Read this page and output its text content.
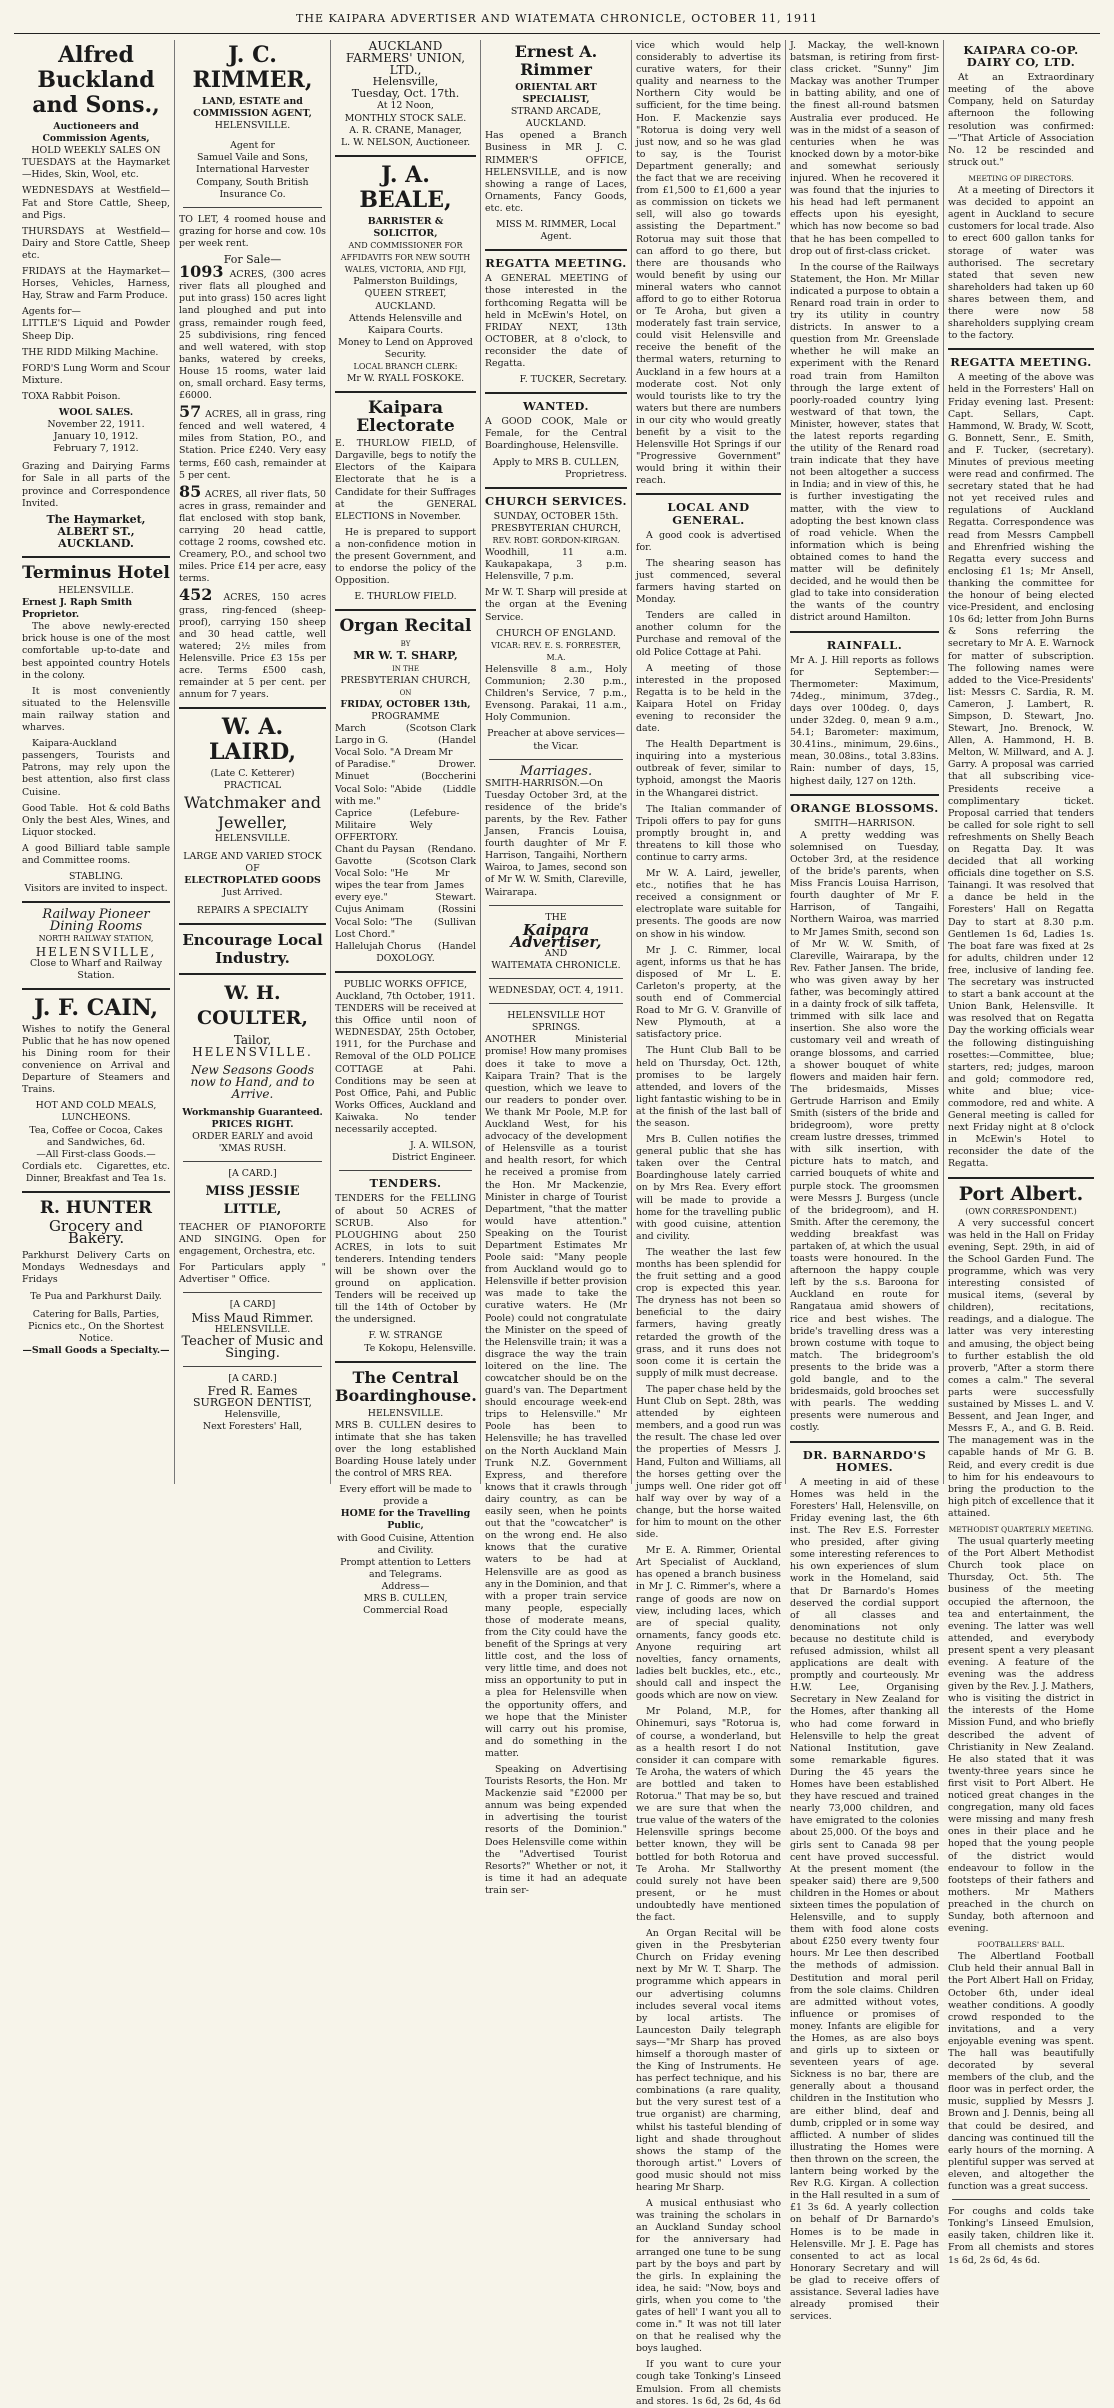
THE KAIPARA ADVERTISER AND WIATEMATA CHRONICLE, OCTOBER 11, 1911
Alfred Buckland and Sons.,
Auctioneers and Commission Agents,
HOLD WEEKLY SALES ON

TUESDAYS at the Haymarket—Hides, Skin, Wool, etc.

WEDNESDAYS at Westfield—Fat and Store Cattle, Sheep, and Pigs.

THURSDAYS at Westfield—Dairy and Store Cattle, Sheep etc.

FRIDAYS at the Haymarket—Horses, Vehicles, Harness, Hay, Straw and Farm Produce.

Agents for—

LITTLE'S Liquid and Powder Sheep Dip.

THE RIDD Milking Machine.

FORD'S Lung Worm and Scour Mixture.

TOXA Rabbit Poison.

WOOL SALES.
November 22, 1911.
January 10, 1912.
February 7, 1912.

Grazing and Dairying Farms for Sale in all parts of the province and Correspondence Invited.

The Haymarket,
ALBERT ST., AUCKLAND.
Terminus Hotel
HELENSVILLE.
Ernest J. Raph Smith Proprietor.

The above newly-erected brick house is one of the most comfortable up-to-date and best appointed country Hotels in the colony.

It is most conveniently situated to the Helensville main railway station and wharves.

Kaipara-Auckland passengers, Tourists and Patrons, may rely upon the best attention, also first class Cuisine.

Good Table. Hot & cold Baths

Only the best Ales, Wines, and Liquor stocked.

A good Billiard table sample and Committee rooms.

STABLING.
Visitors are invited to inspect.
Railway Pioneer Dining Rooms
NORTH RAILWAY STATION,
HELENSVILLE,
Close to Wharf and Railway Station.
J. F. CAIN,

Wishes to notify the General Public that he has now opened his Dining room for their convenience on Arrival and Departure of Steamers and Trains.

HOT AND COLD MEALS, LUNCHEONS.
Tea, Coffee or Cocoa, Cakes and Sandwiches, 6d.
—All First-class Goods.—
Cordials etc. Cigarettes, etc.
Dinner, Breakfast and Tea 1s.
R. HUNTER
Grocery and Bakery.

Parkhurst Delivery Carts on Mondays Wednesdays and Fridays

Te Pua and Parkhurst Daily.
Catering for Balls, Parties, Picnics etc., On the Shortest Notice.
—Small Goods a Specialty.—
J. C. RIMMER,
LAND, ESTATE and COMMISSION AGENT,
HELENSVILLE.
Agent for
Samuel Vaile and Sons, International Harvester Company, South British Insurance Co.

TO LET, 4 roomed house and grazing for horse and cow. 10s per week rent.

For Sale—

1093 ACRES, (300 acres river flats all ploughed and put into grass) 150 acres light land ploughed and put into grass, remainder rough feed, 25 subdivisions, ring fenced and well watered, with stop banks, watered by creeks, House 15 rooms, water laid on, small orchard. Easy terms, £6000.

57 ACRES, all in grass, ring fenced and well watered, 4 miles from Station, P.O., and Station. Price £240. Very easy terms, £60 cash, remainder at 5 per cent.

85 ACRES, all river flats, 50 acres in grass, remainder and flat enclosed with stop bank, carrying 20 head cattle, cottage 2 rooms, cowshed etc. Creamery, P.O., and school two miles. Price £14 per acre, easy terms.

452 ACRES, 150 acres grass, ring-fenced (sheep-proof), carrying 150 sheep and 30 head cattle, well watered; 2½ miles from Helensville. Price £3 15s per acre. Terms £500 cash, remainder at 5 per cent. per annum for 7 years.

W. A. LAIRD,
(Late C. Ketterer)
PRACTICAL
Watchmaker and Jeweller,
HELENSVILLE.
LARGE AND VARIED STOCK OF
ELECTROPLATED GOODS
Just Arrived.
REPAIRS A SPECIALTY
Encourage Local Industry.
W. H. COULTER,
Tailor,
HELENSVILLE.
New Seasons Goods now to Hand, and to Arrive.
Workmanship Guaranteed. PRICES RIGHT.
ORDER EARLY and avoid 'XMAS RUSH.
[A CARD.]
MISS JESSIE LITTLE,

TEACHER OF PIANOFORTE AND SINGING. Open for engagement, Orchestra, etc.

For Particulars apply " Advertiser " Office.

[A CARD]
Miss Maud Rimmer.
HELENSVILLE.
Teacher of Music and Singing.
[A CARD.]
Fred R. Eames
SURGEON DENTIST,
Helensville,
Next Foresters' Hall,
AUCKLAND
FARMERS' UNION, LTD.,
Helensville,
Tuesday, Oct. 17th.
At 12 Noon,
MONTHLY STOCK SALE.
A. R. CRANE, Manager,
L. W. NELSON, Auctioneer.
J. A. BEALE,
BARRISTER & SOLICITOR,
AND COMMISSIONER FOR AFFIDAVITS FOR NEW SOUTH WALES, VICTORIA, AND FIJI,
Palmerston Buildings,
QUEEN STREET, AUCKLAND.
Attends Helensville and Kaipara Courts.
Money to Lend on Approved Security.
LOCAL BRANCH CLERK:
Mr W. RYALL FOSKOKE.
Kaipara Electorate

E. THURLOW FIELD, of Dargaville, begs to notify the Electors of the Kaipara Electorate that he is a Candidate for their Suffrages at the GENERAL ELECTIONS in November.

He is prepared to support a non-confidence motion in the present Government, and to endorse the policy of the Opposition.

E. THURLOW FIELD.
Organ Recital
BY
MR W. T. SHARP,
IN THE
PRESBYTERIAN CHURCH,
ON
FRIDAY, OCTOBER 13th,
PROGRAMME
March	(Scotson Clark
Largo in G.	(Handel
Vocal Solo. "A Dream of Paradise."
Mr Drower.
Minuet	(Boccherini
Vocal Solo: "Abide with me."
(Liddle
Caprice Militaire
(Lefebure-Wely
OFFERTORY.
Chant du Paysan (Rendano.
Gavotte	(Scotson Clark
Vocal Solo: "He wipes the tear from every eye."
Mr James Stewart.
Cujus Animam	(Rossini
Vocal Solo: "The Lost Chord."
(Sullivan
Hallelujah Chorus (Handel
DOXOLOGY.
PUBLIC WORKS OFFICE,
Auckland, 7th October, 1911.

TENDERS will be received at this Office until noon of WEDNESDAY, 25th October, 1911, for the Purchase and Removal of the OLD POLICE COTTAGE at Pahi. Conditions may be seen at Post Office, Pahi, and Public Works Offices, Auckland and Kaiwaka. No tender necessarily accepted.

J. A. WILSON,
District Engineer.
TENDERS.

TENDERS for the FELLING of about 50 ACRES of SCRUB. Also for PLOUGHING about 250 ACRES, in lots to suit tenderers. Intending tenders will be shown over the ground on application. Tenders will be received up till the 14th of October by the undersigned.

F. W. STRANGE
Te Kokopu, Helensville.
The Central Boardinghouse.
HELENSVILLE.

MRS B. CULLEN desires to intimate that she has taken over the long established Boarding House lately under the control of MRS REA.

Every effort will be made to provide a
HOME for the Travelling Public,
with Good Cuisine, Attention and Civility.
Prompt attention to Letters and Telegrams.
Address—
MRS B. CULLEN, Commercial Road
Ernest A. Rimmer
ORIENTAL ART SPECIALIST,
STRAND ARCADE, AUCKLAND.

Has opened a Branch Business in MR J. C. RIMMER'S OFFICE, HELENSVILLE, and is now showing a range of Laces, Ornaments, Fancy Goods, etc. etc.

MISS M. RIMMER, Local Agent.
REGATTA MEETING.

A GENERAL MEETING of those interested in the forthcoming Regatta will be held in McEwin's Hotel, on FRIDAY NEXT, 13th OCTOBER, at 8 o'clock, to reconsider the date of Regatta.

F. TUCKER, Secretary.
WANTED.

A GOOD COOK, Male or Female, for the Central Boardinghouse, Helensville.

Apply to MRS B. CULLEN,
Proprietress.
CHURCH SERVICES.
SUNDAY, OCTOBER 15th.
PRESBYTERIAN CHURCH,
REV. ROBT. GORDON-KIRGAN.

Woodhill, 11 a.m. Kaukapakapa, 3 p.m. Helensville, 7 p.m.

Mr W. T. Sharp will preside at the organ at the Evening Service.

CHURCH OF ENGLAND.
VICAR: REV. E. S. FORRESTER, M.A.

Helensville 8 a.m., Holy Communion; 2.30 p.m., Children's Service, 7 p.m., Evensong. Parakai, 11 a.m., Holy Communion.

Preacher at above services—the Vicar.
Marriages.

SMITH-HARRISON.—On Tuesday October 3rd, at the residence of the bride's parents, by the Rev. Father Jansen, Francis Louisa, fourth daughter of Mr F. Harrison, Tangaihi, Northern Wairoa, to James, second son of Mr W. W. Smith, Clareville, Wairarapa.

THE
Kaipara Advertiser,
AND
WAITEMATA CHRONICLE.
WEDNESDAY, OCT. 4, 1911.
HELENSVILLE HOT SPRINGS.

ANOTHER Ministerial promise! How many promises does it take to move a Kaipara Train? That is the question, which we leave to our readers to ponder over. We thank Mr Poole, M.P. for Auckland West, for his advocacy of the development of Helensville as a tourist and health resort, for which he received a promise from the Hon. Mr Mackenzie, Minister in charge of Tourist Department, "that the matter would have attention." Speaking on the Tourist Department Estimates Mr Poole said: "Many people from Auckland would go to Helensville if better provision was made to take the curative waters. He (Mr Poole) could not congratulate the Minister on the speed of the Helensville train; it was a disgrace the way the train loitered on the line. The cowcatcher should be on the guard's van. The Department should encourage week-end trips to Helensville." Mr Poole has been to Helensville; he has travelled on the North Auckland Main Trunk N.Z. Government Express, and therefore knows that it crawls through dairy country, as can be easily seen, when he points out that the "cowcatcher" is on the wrong end. He also knows that the curative waters to be had at Helensville are as good as any in the Dominion, and that with a proper train service many people, especially those of moderate means, from the City could have the benefit of the Springs at very little cost, and the loss of very little time, and does not miss an opportunity to put in a plea for Helensville when the opportunity offers, and we hope that the Minister will carry out his promise, and do something in the matter.

Speaking on Advertising Tourists Resorts, the Hon. Mr Mackenzie said "£2000 per annum was being expended in advertising the tourist resorts of the Dominion." Does Helensville come within the "Advertised Tourist Resorts?" Whether or not, it is time it had an adequate train ser-

vice which would help considerably to advertise its curative waters, for their quality and nearness to the Northern City would be sufficient, for the time being. Hon. F. Mackenzie says "Rotorua is doing very well just now, and so he was glad to say, is the Tourist Department generally; and the fact that we are receiving from £1,500 to £1,600 a year as commission on tickets we sell, will also go towards assisting the Department." Rotorua may suit those that can afford to go there, but there are thousands who would benefit by using our mineral waters who cannot afford to go to either Rotorua or Te Aroha, but given a moderately fast train service, could visit Helensville and receive the benefit of the thermal waters, returning to Auckland in a few hours at a moderate cost. Not only would tourists like to try the waters but there are numbers in our city who would greatly benefit by a visit to the Helensville Hot Springs if our "Progressive Government" would bring it within their reach.

LOCAL AND GENERAL.

A good cook is advertised for.

The shearing season has just commenced, several farmers having started on Monday.

Tenders are called in another column for the Purchase and removal of the old Police Cottage at Pahi.

A meeting of those interested in the proposed Regatta is to be held in the Kaipara Hotel on Friday evening to reconsider the date.

The Health Department is inquiring into a mysterious outbreak of fever, similar to typhoid, amongst the Maoris in the Whangarei district.

The Italian commander of Tripoli offers to pay for guns promptly brought in, and threatens to kill those who continue to carry arms.

Mr W. A. Laird, jeweller, etc., notifies that he has received a consignment or electroplate ware suitable for presents. The goods are now on show in his window.

Mr J. C. Rimmer, local agent, informs us that he has disposed of Mr L. E. Carleton's property, at the south end of Commercial Road to Mr G. V. Granville of New Plymouth, at a satisfactory price.

The Hunt Club Ball to be held on Thursday, Oct. 12th, promises to be largely attended, and lovers of the light fantastic wishing to be in at the finish of the last ball of the season.

Mrs B. Cullen notifies the general public that she has taken over the Central Boardinghouse lately carried on by Mrs Rea. Every effort will be made to provide a home for the travelling public with good cuisine, attention and civility.

The weather the last few months has been splendid for the fruit setting and a good crop is expected this year. The dryness has not been so beneficial to the dairy farmers, having greatly retarded the growth of the grass, and it runs does not soon come it is certain the supply of milk must decrease.

The paper chase held by the Hunt Club on Sept. 28th, was attended by eighteen members, and a good run was the result. The chase led over the properties of Messrs J. Hand, Fulton and Williams, all the horses getting over the jumps well. One rider got off half way over by way of a change, but the horse waited for him to mount on the other side.

Mr E. A. Rimmer, Oriental Art Specialist of Auckland, has opened a branch business in Mr J. C. Rimmer's, where a range of goods are now on view, including laces, which are of special quality, ornaments, fancy goods etc. Anyone requiring art novelties, fancy ornaments, ladies belt buckles, etc., etc., should call and inspect the goods which are now on view.

Mr Poland, M.P., for Ohinemuri, says "Rotorua is, of course, a wonderland, but as a health resort I do not consider it can compare with Te Aroha, the waters of which are bottled and taken to Rotorua." That may be so, but we are sure that when the true value of the waters of the Helensville springs become better known, they will be bottled for both Rotorua and Te Aroha. Mr Stallworthy could surely not have been present, or he must undoubtedly have mentioned the fact.

An Organ Recital will be given in the Presbyterian Church on Friday evening next by Mr W. T. Sharp. The programme which appears in our advertising columns includes several vocal items by local artists. The Launceston Daily telegraph says—"Mr Sharp has proved himself a thorough master of the King of Instruments. He has perfect technique, and his combinations (a rare quality, but the very surest test of a true organist) are charming, whilst his tasteful blending of light and shade throughout shows the stamp of the thorough artist." Lovers of good music should not miss hearing Mr Sharp.

A musical enthusiast who was training the scholars in an Auckland Sunday school for the anniversary had arranged one tune to be sung part by the boys and part by the girls. In explaining the idea, he said: "Now, boys and girls, when you come to 'the gates of hell' I want you all to come in." It was not till later on that he realised why the boys laughed.

If you want to cure your cough take Tonking's Linseed Emulsion. From all chemists and stores. 1s 6d, 2s 6d, 4s 6d

J. Mackay, the well-known batsman, is retiring from first-class cricket. "Sunny" Jim Mackay was another Trumper in batting ability, and one of the finest all-round batsmen Australia ever produced. He was in the midst of a season of centuries when he was knocked down by a motor-bike and somewhat seriously injured. When he recovered it was found that the injuries to his head had left permanent effects upon his eyesight, which has now become so bad that he has been compelled to drop out of first-class cricket.

In the course of the Railways Statement, the Hon. Mr Millar indicated a purpose to obtain a Renard road train in order to try its utility in country districts. In answer to a question from Mr. Greenslade whether he will make an experiment with the Renard road train from Hamilton through the large extent of poorly-roaded country lying westward of that town, the Minister, however, states that the latest reports regarding the utility of the Renard road train indicate that they have not been altogether a success in India; and in view of this, he is further investigating the matter, with the view to adopting the best known class of road vehicle. When the information which is being obtained comes to hand the matter will be definitely decided, and he would then be glad to take into consideration the wants of the country district around Hamilton.

RAINFALL.

Mr A. J. Hill reports as follows for September:—Thermometer: Maximum, 74deg., minimum, 37deg., days over 100deg. 0, days under 32deg. 0, mean 9 a.m., 54.1; Barometer: maximum, 30.41ins., minimum, 29.6ins., mean, 30.08ins., total 3.83ins. Rain: number of days, 15, highest daily, 127 on 12th.

ORANGE BLOSSOMS.
SMITH—HARRISON.

A pretty wedding was solemnised on Tuesday, October 3rd, at the residence of the bride's parents, when Miss Francis Louisa Harrison, fourth daughter of Mr F. Harrison, of Tangaihi, Northern Wairoa, was married to Mr James Smith, second son of Mr W. W. Smith, of Clareville, Wairarapa, by the Rev. Father Jansen. The bride, who was given away by her father, was becomingly attired in a dainty frock of silk taffeta, trimmed with silk lace and insertion. She also wore the customary veil and wreath of orange blossoms, and carried a shower bouquet of white flowers and maiden hair fern. The bridesmaids, Misses Gertrude Harrison and Emily Smith (sisters of the bride and bridegroom), wore pretty cream lustre dresses, trimmed with silk insertion, with picture hats to match, and carried bouquets of white and purple stock. The groomsmen were Messrs J. Burgess (uncle of the bridegroom), and H. Smith. After the ceremony, the wedding breakfast was partaken of, at which the usual toasts were honoured. In the afternoon the happy couple left by the s.s. Baroona for Auckland en route for Rangataua amid showers of rice and best wishes. The bride's travelling dress was a brown costume with toque to match. The bridegroom's presents to the bride was a gold bangle, and to the bridesmaids, gold brooches set with pearls. The wedding presents were numerous and costly.

DR. BARNARDO'S HOMES.

A meeting in aid of these Homes was held in the Foresters' Hall, Helensville, on Friday evening last, the 6th inst. The Rev E.S. Forrester who presided, after giving some interesting references to his own experiences of slum work in the Homeland, said that Dr Barnardo's Homes deserved the cordial support of all classes and denominations not only because no destitute child is refused admission, whilst all applications are dealt with promptly and courteously. Mr H.W. Lee, Organising Secretary in New Zealand for the Homes, after thanking all who had come forward in Helensville to help the great National Institution, gave some remarkable figures. During the 45 years the Homes have been established they have rescued and trained nearly 73,000 children, and have emigrated to the colonies about 25,000. Of the boys and girls sent to Canada 98 per cent have proved successful. At the present moment (the speaker said) there are 9,500 children in the Homes or about sixteen times the population of Helensville, and to supply them with food alone costs about £250 every twenty four hours. Mr Lee then described the methods of admission. Destitution and moral peril from the sole claims. Children are admitted without votes, influence or promises of money. Infants are eligible for the Homes, as are also boys and girls up to sixteen or seventeen years of age. Sickness is no bar, there are generally about a thousand children in the Institution who are either blind, deaf and dumb, crippled or in some way afflicted. A number of slides illustrating the Homes were then thrown on the screen, the lantern being worked by the Rev R.G. Kirgan. A collection in the Hall resulted in a sum of £1 3s 6d. A yearly collection on behalf of Dr Barnardo's Homes is to be made in Helensville. Mr J. E. Page has consented to act as local Honorary Secretary and will be glad to receive offers of assistance. Several ladies have already promised their services.

KAIPARA CO-OP. DAIRY CO, LTD.

At an Extraordinary meeting of the above Company, held on Saturday afternoon the following resolution was confirmed:—"That Article of Association No. 12 be rescinded and struck out."

MEETING OF DIRECTORS.

At a meeting of Directors it was decided to appoint an agent in Auckland to secure customers for local trade. Also to erect 600 gallon tanks for storage of water was authorised. The secretary stated that seven new shareholders had taken up 60 shares between them, and there were now 58 shareholders supplying cream to the factory.

REGATTA MEETING.

A meeting of the above was held in the Forresters' Hall on Friday evening last. Present: Capt. Sellars, Capt. Hammond, W. Brady, W. Scott, G. Bonnett, Senr., E. Smith, and F. Tucker, (secretary). Minutes of previous meeting were read and confirmed. The secretary stated that he had not yet received rules and regulations of Auckland Regatta. Correspondence was read from Messrs Campbell and Ehrenfried wishing the Regatta every success and enclosing £1 1s; Mr Ansell, thanking the committee for the honour of being elected vice-President, and enclosing 10s 6d; letter from John Burns & Sons referring the secretary to Mr A. E. Warnock for matter of subscription. The following names were added to the Vice-Presidents' list: Messrs C. Sardia, R. M. Cameron, J. Lambert, R. Simpson, D. Stewart, Jno. Stewart, Jno. Brenock, W. Allen, A. Hammond, H. B. Melton, W. Millward, and A. J. Garry. A proposal was carried that all subscribing vice-Presidents receive a complimentary ticket. Proposal carried that tenders be called for sole right to sell refreshments on Shelly Beach on Regatta Day. It was decided that all working officials dine together on S.S. Tainangi. It was resolved that a dance be held in the Foresters' Hall on Regatta Day to start at 8.30 p.m. Gentlemen 1s 6d, Ladies 1s. The boat fare was fixed at 2s for adults, children under 12 free, inclusive of landing fee. The secretary was instructed to start a bank account at the Union Bank, Helensville. It was resolved that on Regatta Day the working officials wear the following distinguishing rosettes:—Committee, blue; starters, red; judges, maroon and gold; commodore red, white and blue; vice-commodore, red and white. A General meeting is called for next Friday night at 8 o'clock in McEwin's Hotel to reconsider the date of the Regatta.

Port Albert.
(OWN CORRESPONDENT.)

A very successful concert was held in the Hall on Friday evening, Sept. 29th, in aid of the School Garden Fund. The programme, which was very interesting consisted of musical items, (several by children), recitations, readings, and a dialogue. The latter was very interesting and amusing, the object being to further establish the old proverb, "After a storm there comes a calm." The several parts were successfully sustained by Misses L. and V. Bessent, and Jean Inger, and Messrs F., A., and G. B. Reid. The management was in the capable hands of Mr G. B. Reid, and every credit is due to him for his endeavours to bring the production to the high pitch of excellence that it attained.

METHODIST QUARTERLY MEETING.

The usual quarterly meeting of the Port Albert Methodist Church took place on Thursday, Oct. 5th. The business of the meeting occupied the afternoon, the tea and entertainment, the evening. The latter was well attended, and everybody present spent a very pleasant evening. A feature of the evening was the address given by the Rev. J. J. Mathers, who is visiting the district in the interests of the Home Mission Fund, and who briefly described the advent of Christianity in New Zealand. He also stated that it was twenty-three years since he first visit to Port Albert. He noticed great changes in the congregation, many old faces were missing and many fresh ones in their place and he hoped that the young people of the district would endeavour to follow in the footsteps of their fathers and mothers. Mr Mathers preached in the church on Sunday, both afternoon and evening.

FOOTBALLERS' BALL.

The Albertland Football Club held their annual Ball in the Port Albert Hall on Friday, October 6th, under ideal weather conditions. A goodly crowd responded to the invitations, and a very enjoyable evening was spent. The hall was beautifully decorated by several members of the club, and the floor was in perfect order, the music, supplied by Messrs J. Brown and J. Dennis, being all that could be desired, and dancing was continued till the early hours of the morning. A plentiful supper was served at eleven, and altogether the function was a great success.

For coughs and colds take Tonking's Linseed Emulsion, easily taken, children like it. From all chemists and stores 1s 6d, 2s 6d, 4s 6d.
